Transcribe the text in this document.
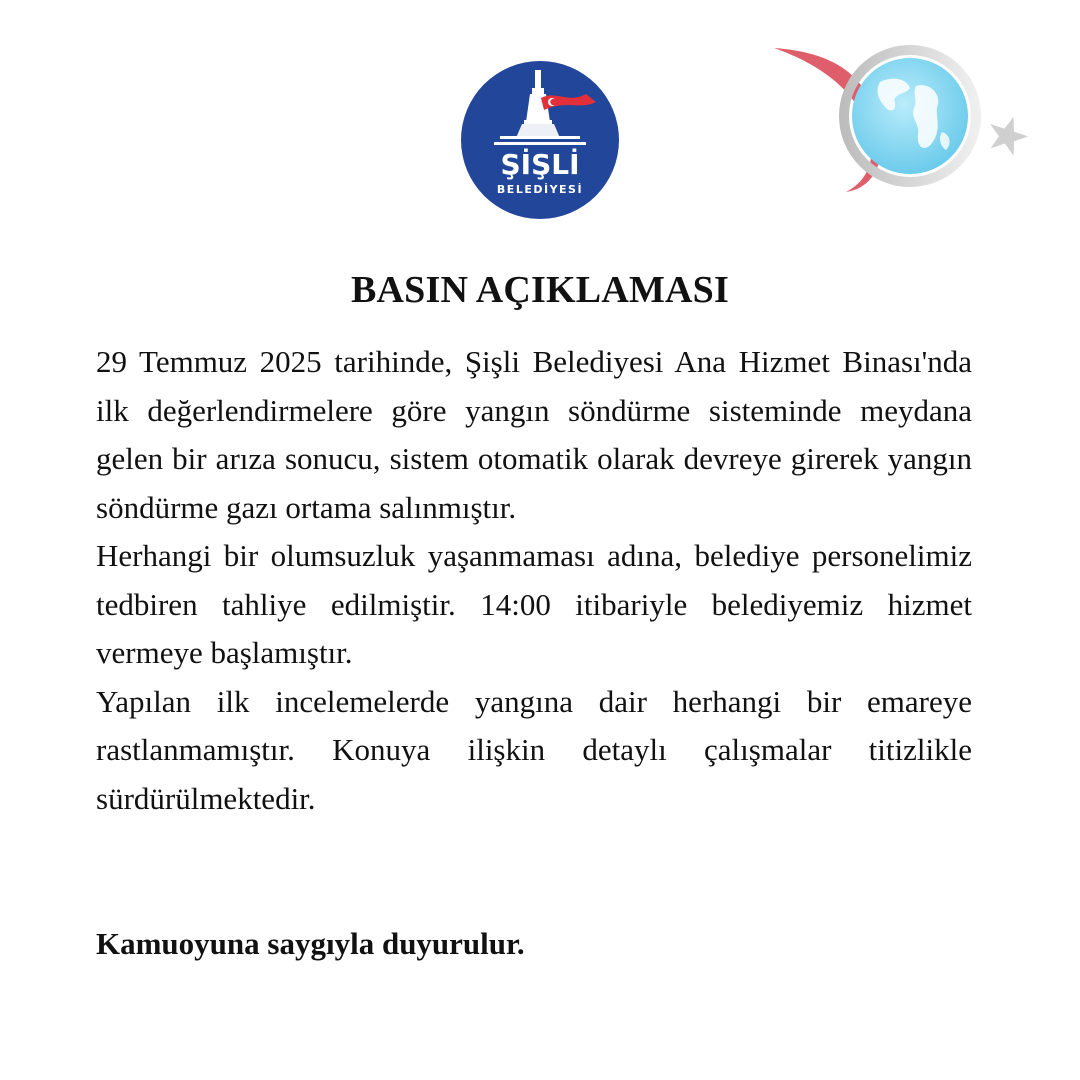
ŞİŞLİ
BELEDİYESİ
BASIN AÇIKLAMASI

29 Temmuz 2025 tarihinde, Şişli Belediyesi Ana Hizmet Binası'nda ilk değerlendirmelere göre yangın söndürme sisteminde meydana gelen bir arıza sonucu, sistem otomatik olarak devreye girerek yangın söndürme gazı ortama salınmıştır.

Herhangi bir olumsuzluk yaşanmaması adına, belediye personelimiz tedbiren tahliye edilmiştir. 14:00 itibariyle belediyemiz hizmet vermeye başlamıştır.

Yapılan ilk incelemelerde yangına dair herhangi bir emareye rastlanmamıştır. Konuya ilişkin detaylı çalışmalar titizlikle sürdürülmektedir.

Kamuoyuna saygıyla duyurulur.
